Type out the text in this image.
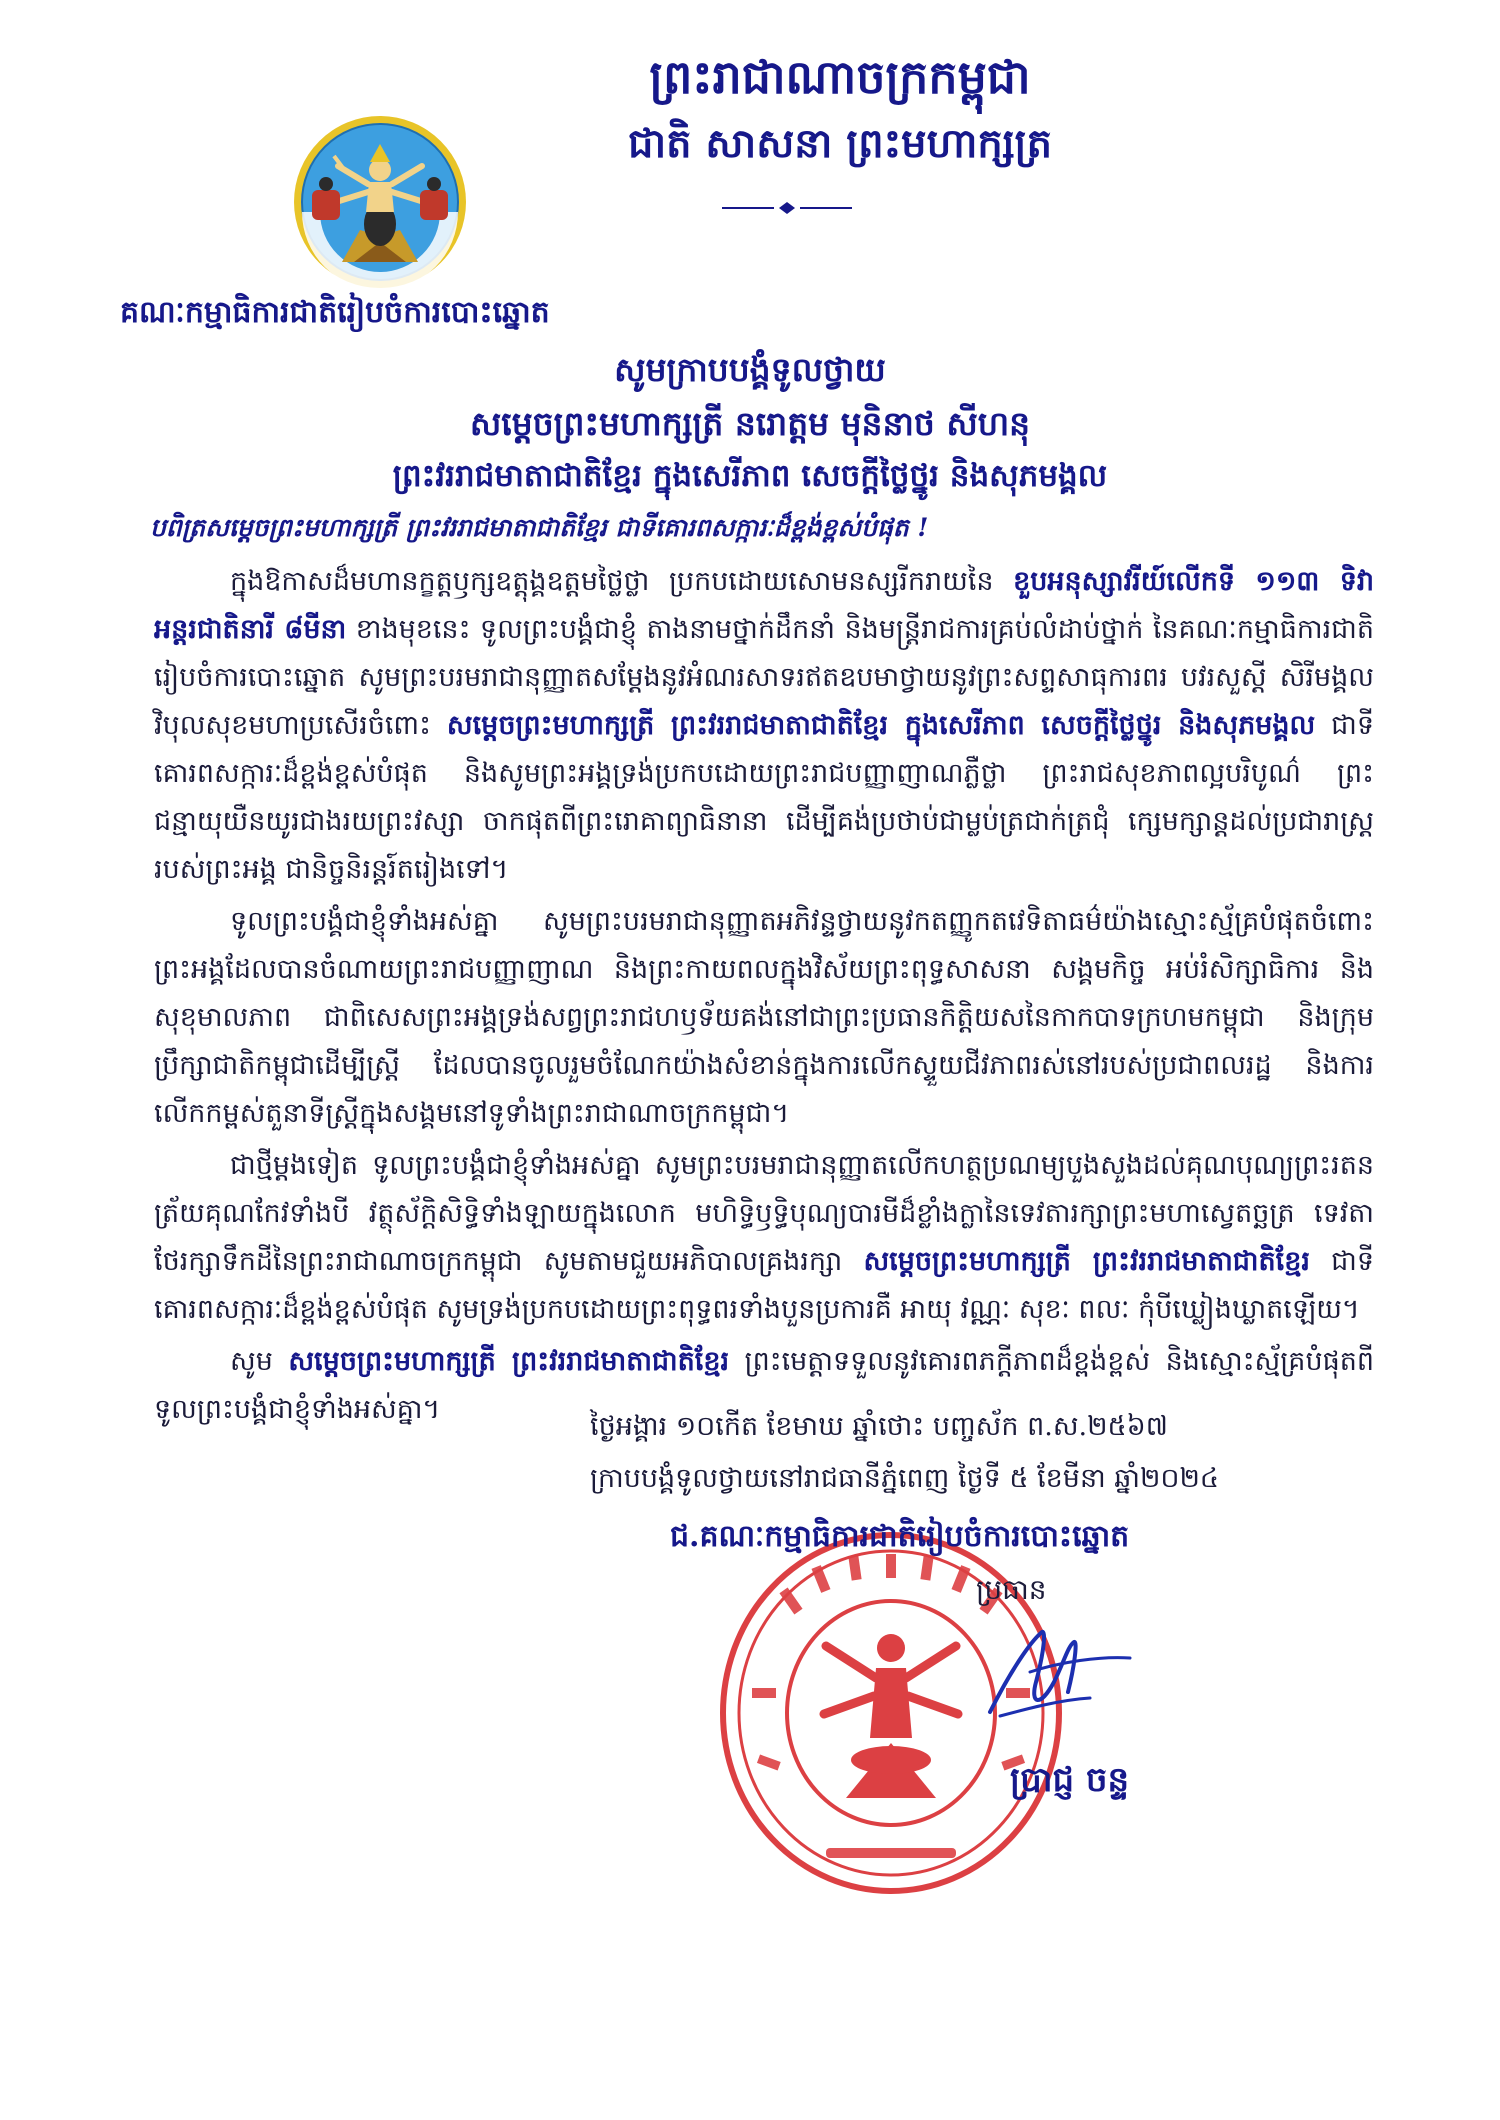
ព្រះរាជាណាចក្រកម្ពុជា
ជាតិ សាសនា ព្រះមហាក្សត្រ
គណៈកម្មាធិការជាតិរៀបចំការបោះឆ្នោត
សូមក្រាបបង្គំទូលថ្វាយ
សម្តេចព្រះមហាក្សត្រី នរោត្តម មុនិនាថ សីហនុ
ព្រះវររាជមាតាជាតិខ្មែរ ក្នុងសេរីភាព សេចក្តីថ្លៃថ្នូរ និងសុភមង្គល
បពិត្រសម្តេចព្រះមហាក្សត្រី ព្រះវររាជមាតាជាតិខ្មែរ ជាទីគោរពសក្ការៈដ៏ខ្ពង់ខ្ពស់បំផុត !

ក្នុងឱកាសដ៏មហានក្ខត្តឫក្សឧត្តុង្គឧត្តមថ្លៃថ្លា ប្រកបដោយសោមនស្សរីករាយនៃ ខួបអនុស្សាវរីយ៍លើកទី ១១៣ ទិវាអន្តរជាតិនារី ៨មីនា ខាងមុខនេះ ទូលព្រះបង្គំជាខ្ញុំ តាងនាមថ្នាក់ដឹកនាំ និងមន្ត្រីរាជការគ្រប់លំដាប់ថ្នាក់ នៃគណៈកម្មាធិការជាតិរៀបចំការបោះឆ្នោត សូមព្រះបរមរាជានុញ្ញាតសម្តែងនូវអំណរសាទរឥតឧបមាថ្វាយនូវព្រះសព្ទសាធុការពរ បវរសួស្តី សិរីមង្គល វិបុលសុខមហាប្រសើរចំពោះ សម្តេចព្រះមហាក្សត្រី ព្រះវររាជមាតាជាតិខ្មែរ ក្នុងសេរីភាព សេចក្តីថ្លៃថ្នូរ និងសុភមង្គល ជាទីគោរពសក្ការៈដ៏ខ្ពង់ខ្ពស់បំផុត និងសូមព្រះអង្គទ្រង់ប្រកបដោយព្រះរាជបញ្ញាញាណភ្លឺថ្លា ព្រះរាជសុខភាពល្អបរិបូណ៌ ព្រះជន្មាយុយឺនយូរជាងរយព្រះវស្សា ចាកផុតពីព្រះរោគាព្យាធិនានា ដើម្បីគង់ប្រថាប់ជាម្លប់ត្រជាក់ត្រជុំ ក្សេមក្សាន្តដល់ប្រជារាស្ត្ររបស់ព្រះអង្គ ជានិច្ចនិរន្តរ៍តរៀងទៅ។

ទូលព្រះបង្គំជាខ្ញុំទាំងអស់គ្នា សូមព្រះបរមរាជានុញ្ញាតអភិវន្ទថ្វាយនូវកតញ្ញូកតវេទិតាធម៌យ៉ាងស្មោះស្ម័គ្របំផុតចំពោះព្រះអង្គដែលបានចំណាយព្រះរាជបញ្ញាញាណ និងព្រះកាយពលក្នុងវិស័យព្រះពុទ្ធសាសនា សង្គមកិច្ច អប់រំសិក្សាធិការ និងសុខុមាលភាព ជាពិសេសព្រះអង្គទ្រង់សព្វព្រះរាជហឫទ័យគង់នៅជាព្រះប្រធានកិត្តិយសនៃកាកបាទក្រហមកម្ពុជា និងក្រុមប្រឹក្សាជាតិកម្ពុជាដើម្បីស្ត្រី ដែលបានចូលរួមចំណែកយ៉ាងសំខាន់ក្នុងការលើកស្ទួយជីវភាពរស់នៅរបស់ប្រជាពលរដ្ឋ និងការលើកកម្ពស់តួនាទីស្ត្រីក្នុងសង្គមនៅទូទាំងព្រះរាជាណាចក្រកម្ពុជា។

ជាថ្មីម្តងទៀត ទូលព្រះបង្គំជាខ្ញុំទាំងអស់គ្នា សូមព្រះបរមរាជានុញ្ញាតលើកហត្ថប្រណម្យបួងសួងដល់គុណបុណ្យព្រះរតនត្រ័យគុណកែវទាំងបី វត្ថុស័ក្តិសិទ្ធិទាំងឡាយក្នុងលោក មហិទ្ធិឫទ្ធិបុណ្យបារមីដ៏ខ្លាំងក្លានៃទេវតារក្សាព្រះមហាស្វេតច្ឆត្រ ទេវតាថែរក្សាទឹកដីនៃព្រះរាជាណាចក្រកម្ពុជា សូមតាមជួយអភិបាលគ្រងរក្សា សម្តេចព្រះមហាក្សត្រី ព្រះវររាជមាតាជាតិខ្មែរ ជាទីគោរពសក្ការៈដ៏ខ្ពង់ខ្ពស់បំផុត សូមទ្រង់ប្រកបដោយព្រះពុទ្ធពរទាំងបួនប្រការគឺ អាយុ វណ្ណៈ សុខៈ ពលៈ កុំបីឃ្លៀងឃ្លាតឡើយ។

សូម សម្តេចព្រះមហាក្សត្រី ព្រះវររាជមាតាជាតិខ្មែរ ព្រះមេត្តាទទួលនូវគោរពភក្តីភាពដ៏ខ្ពង់ខ្ពស់ និងស្មោះស្ម័គ្របំផុតពីទូលព្រះបង្គំជាខ្ញុំទាំងអស់គ្នា។

ថ្ងៃអង្គារ ១០កើត ខែមាឃ ឆ្នាំថោះ បញ្ចស័ក ព.ស.២៥៦៧
ក្រាបបង្គំទូលថ្វាយនៅរាជធានីភ្នំពេញ ថ្ងៃទី ៥ ខែមីនា ឆ្នាំ២០២៤
ជ.គណៈកម្មាធិការជាតិរៀបចំការបោះឆ្នោត
ប្រធាន
ប្រាជ្ញ ចន្ទ
